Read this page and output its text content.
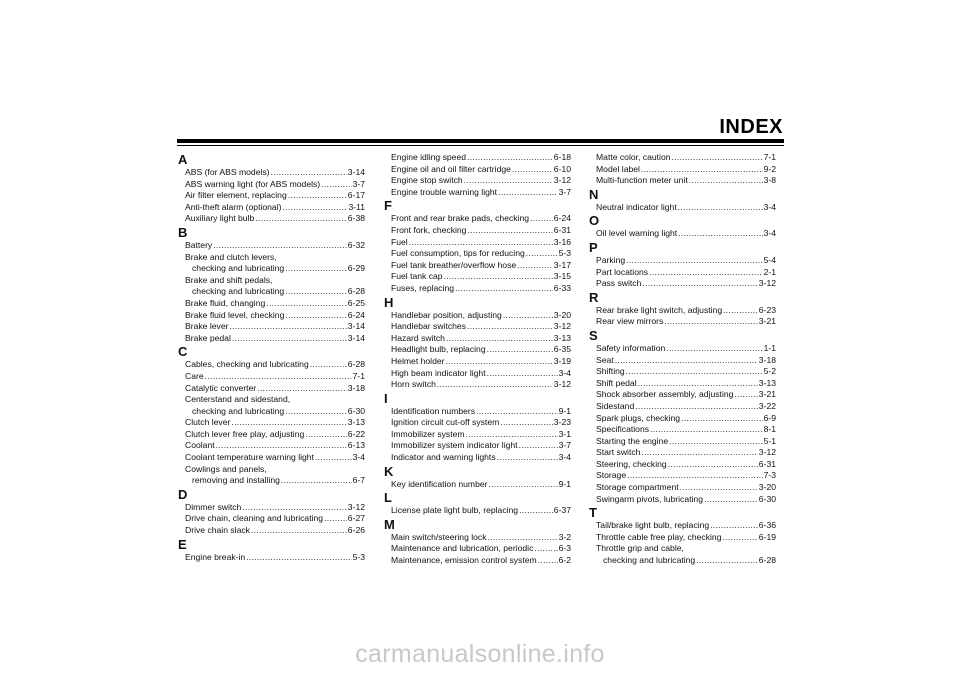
INDEX
A
ABS (for ABS models) .....	3-14
ABS warning light (for ABS models) .....	3-7
Air filter element, replacing .....	6-17
Anti-theft alarm (optional) .....	3-11
Auxiliary light bulb .....	6-38
B
Battery .....	6-32
Brake and clutch levers,
checking and lubricating .....	6-29
Brake and shift pedals,
checking and lubricating .....	6-28
Brake fluid, changing .....	6-25
Brake fluid level, checking .....	6-24
Brake lever .....	3-14
Brake pedal .....	3-14
C
Cables, checking and lubricating .....	6-28
Care .....	7-1
Catalytic converter .....	3-18
Centerstand and sidestand,
checking and lubricating .....	6-30
Clutch lever .....	3-13
Clutch lever free play, adjusting .....	6-22
Coolant .....	6-13
Coolant temperature warning light .....	3-4
Cowlings and panels,
removing and installing .....	6-7
D
Dimmer switch .....	3-12
Drive chain, cleaning and lubricating .....	6-27
Drive chain slack .....	6-26
E
Engine break-in .....	5-3
Engine idling speed .....	6-18
Engine oil and oil filter cartridge .....	6-10
Engine stop switch .....	3-12
Engine trouble warning light .....	3-7
F
Front and rear brake pads, checking .....	6-24
Front fork, checking .....	6-31
Fuel .....	3-16
Fuel consumption, tips for reducing .....	5-3
Fuel tank breather/overflow hose .....	3-17
Fuel tank cap .....	3-15
Fuses, replacing .....	6-33
H
Handlebar position, adjusting .....	3-20
Handlebar switches .....	3-12
Hazard switch .....	3-13
Headlight bulb, replacing .....	6-35
Helmet holder .....	3-19
High beam indicator light .....	3-4
Horn switch .....	3-12
I
Identification numbers .....	9-1
Ignition circuit cut-off system .....	3-23
Immobilizer system .....	3-1
Immobilizer system indicator light .....	3-7
Indicator and warning lights .....	3-4
K
Key identification number .....	9-1
L
License plate light bulb, replacing .....	6-37
M
Main switch/steering lock .....	3-2
Maintenance and lubrication, periodic .....	6-3
Maintenance, emission control system .....	6-2
Matte color, caution .....	7-1
Model label .....	9-2
Multi-function meter unit .....	3-8
N
Neutral indicator light .....	3-4
O
Oil level warning light .....	3-4
P
Parking .....	5-4
Part locations .....	2-1
Pass switch .....	3-12
R
Rear brake light switch, adjusting .....	6-23
Rear view mirrors .....	3-21
S
Safety information .....	1-1
Seat .....	3-18
Shifting .....	5-2
Shift pedal .....	3-13
Shock absorber assembly, adjusting .....	3-21
Sidestand .....	3-22
Spark plugs, checking .....	6-9
Specifications .....	8-1
Starting the engine .....	5-1
Start switch .....	3-12
Steering, checking .....	6-31
Storage .....	7-3
Storage compartment .....	3-20
Swingarm pivots, lubricating .....	6-30
T
Tail/brake light bulb, replacing .....	6-36
Throttle cable free play, checking .....	6-19
Throttle grip and cable,
checking and lubricating .....	6-28
carmanualsonline.info
